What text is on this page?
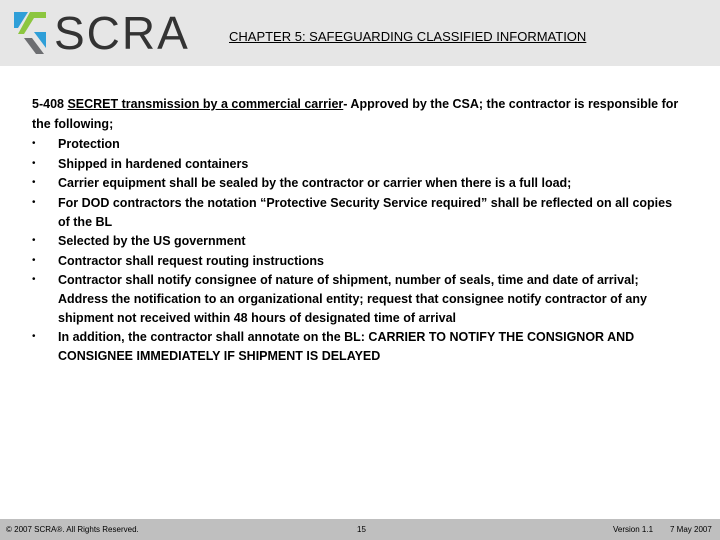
SCRA	CHAPTER 5: SAFEGUARDING CLASSIFIED INFORMATION

5-408 SECRET transmission by a commercial carrier- Approved by the CSA; the contractor is responsible for the following;

• Protection
• Shipped in hardened containers
• Carrier equipment shall be sealed by the contractor or carrier when there is a full load;
• For DOD contractors the notation “Protective Security Service required” shall be reflected on all copies of the BL
• Selected by the US government
• Contractor shall request routing instructions
• Contractor shall notify consignee of nature of shipment, number of seals, time and date of arrival; Address the notification to an organizational entity; request that consignee notify contractor of any shipment not received within 48 hours of designated time of arrival
• In addition, the contractor shall annotate on the BL: CARRIER TO NOTIFY THE CONSIGNOR AND CONSIGNEE IMMEDIATELY IF SHIPMENT IS DELAYED
© 2007 SCRA®. All Rights Reserved.	15	Version 1.1 7 May 2007
